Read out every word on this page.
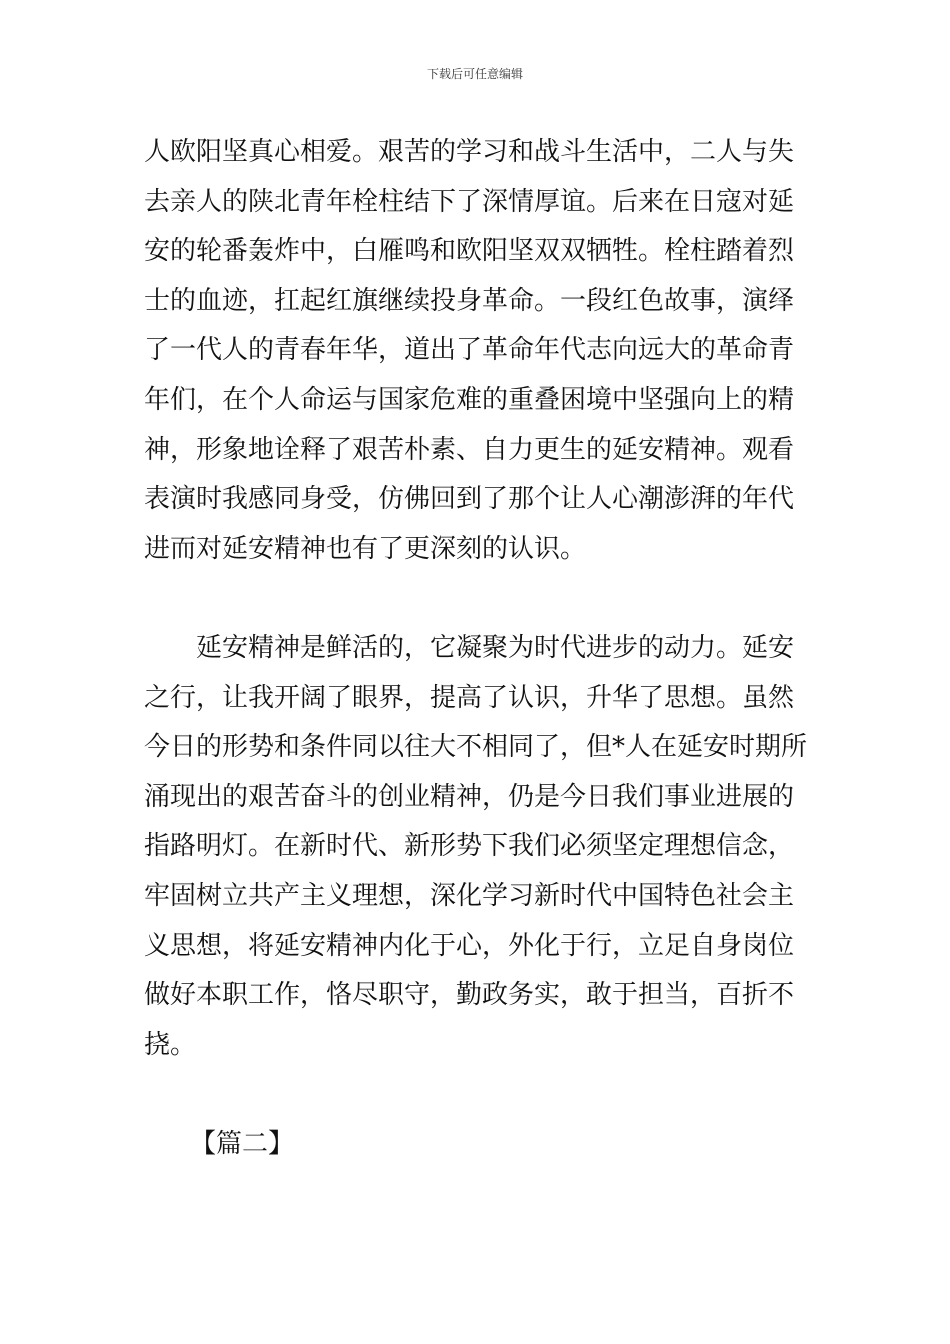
下载后可任意编辑
人欧阳坚真心相爱。艰苦的学习和战斗生活中，二人与失
去亲人的陕北青年栓柱结下了深情厚谊。后来在日寇对延
安的轮番轰炸中，白雁鸣和欧阳坚双双牺牲。栓柱踏着烈
士的血迹，扛起红旗继续投身革命。一段红色故事，演绎
了一代人的青春年华，道出了革命年代志向远大的革命青
年们，在个人命运与国家危难的重叠困境中坚强向上的精
神，形象地诠释了艰苦朴素、自力更生的延安精神。观看
表演时我感同身受，仿佛回到了那个让人心潮澎湃的年代
进而对延安精神也有了更深刻的认识。
延安精神是鲜活的，它凝聚为时代进步的动力。延安
之行，让我开阔了眼界，提高了认识，升华了思想。虽然
今日的形势和条件同以往大不相同了，但*人在延安时期所
涌现出的艰苦奋斗的创业精神，仍是今日我们事业进展的
指路明灯。在新时代、新形势下我们必须坚定理想信念，
牢固树立共产主义理想，深化学习新时代中国特色社会主
义思想，将延安精神内化于心，外化于行，立足自身岗位
做好本职工作，恪尽职守，勤政务实，敢于担当，百折不
挠。
【篇二】
